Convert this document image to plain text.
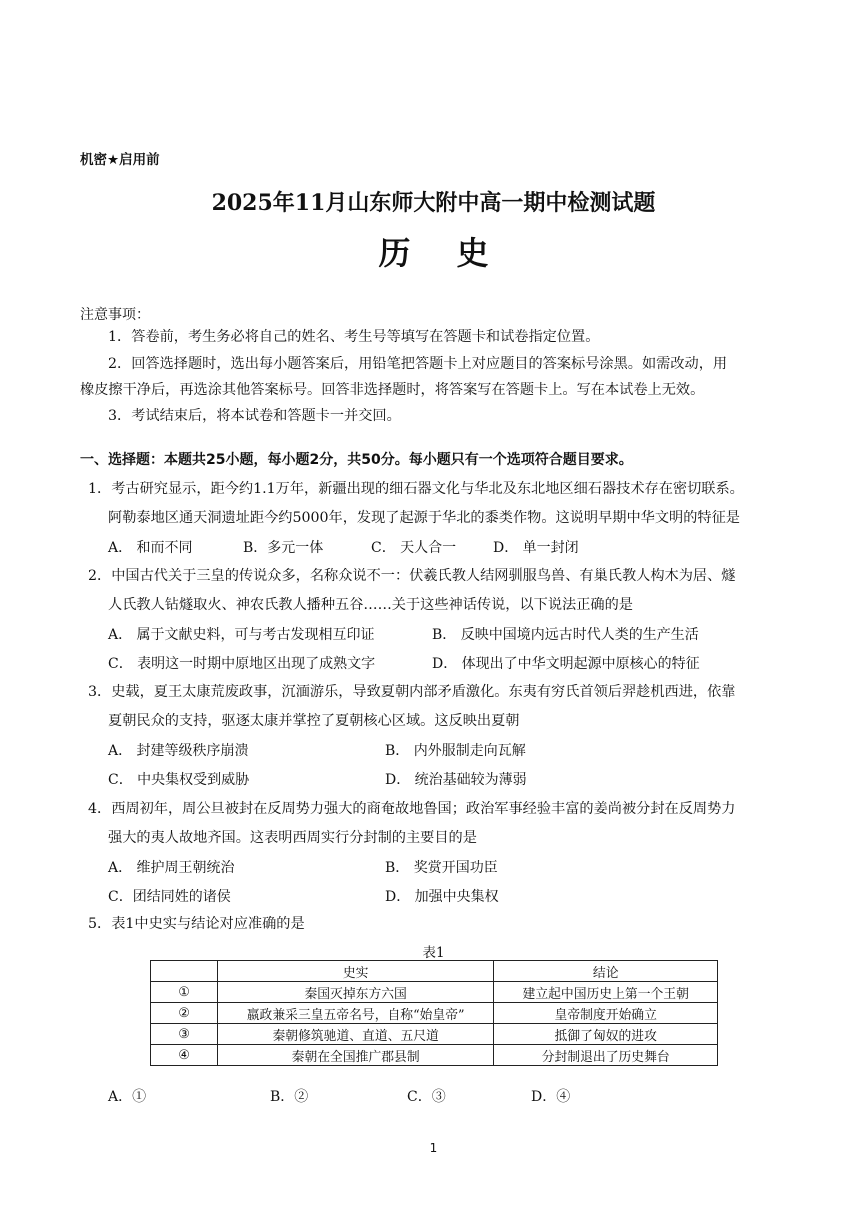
机密★启用前
2025年11月山东师大附中高一期中检测试题
历史
注意事项：
1．答卷前，考生务必将自己的姓名、考生号等填写在答题卡和试卷指定位置。
2．回答选择题时，选出每小题答案后，用铅笔把答题卡上对应题目的答案标号涂黑。如需改动，用
橡皮擦干净后，再选涂其他答案标号。回答非选择题时，将答案写在答题卡上。写在本试卷上无效。
3．考试结束后，将本试卷和答题卡一并交回。
一、选择题：本题共25小题，每小题2分，共50分。每小题只有一个选项符合题目要求。
1．考古研究显示，距今约1.1万年，新疆出现的细石器文化与华北及东北地区细石器技术存在密切联系。
阿勒泰地区通天洞遗址距今约5000年，发现了起源于华北的黍类作物。这说明早期中华文明的特征是
A． 和而不同	B．多元一体	C． 天人合一	D． 单一封闭
2．中国古代关于三皇的传说众多，名称众说不一：伏羲氏教人结网驯服鸟兽、有巢氏教人构木为居、燧
人氏教人钻燧取火、神农氏教人播种五谷……关于这些神话传说，以下说法正确的是
A． 属于文献史料，可与考古发现相互印证	B． 反映中国境内远古时代人类的生产生活
C． 表明这一时期中原地区出现了成熟文字	D． 体现出了中华文明起源中原核心的特征
3．史载，夏王太康荒废政事，沉湎游乐，导致夏朝内部矛盾激化。东夷有穷氏首领后羿趁机西进，依靠
夏朝民众的支持，驱逐太康并掌控了夏朝核心区域。这反映出夏朝
A． 封建等级秩序崩溃	B． 内外服制走向瓦解
C． 中央集权受到威胁	D． 统治基础较为薄弱
4．西周初年，周公旦被封在反周势力强大的商奄故地鲁国；政治军事经验丰富的姜尚被分封在反周势力
强大的夷人故地齐国。这表明西周实行分封制的主要目的是
A． 维护周王朝统治	B． 奖赏开国功臣
C．团结同姓的诸侯	D． 加强中央集权
5．表1中史实与结论对应准确的是
表1
	史实	结论
①	秦国灭掉东方六国	建立起中国历史上第一个王朝
②	嬴政兼采三皇五帝名号，自称“始皇帝”	皇帝制度开始确立
③	秦朝修筑驰道、直道、五尺道	抵御了匈奴的进攻
④	秦朝在全国推广郡县制	分封制退出了历史舞台
A．①	B．②	C．③	D．④
1
